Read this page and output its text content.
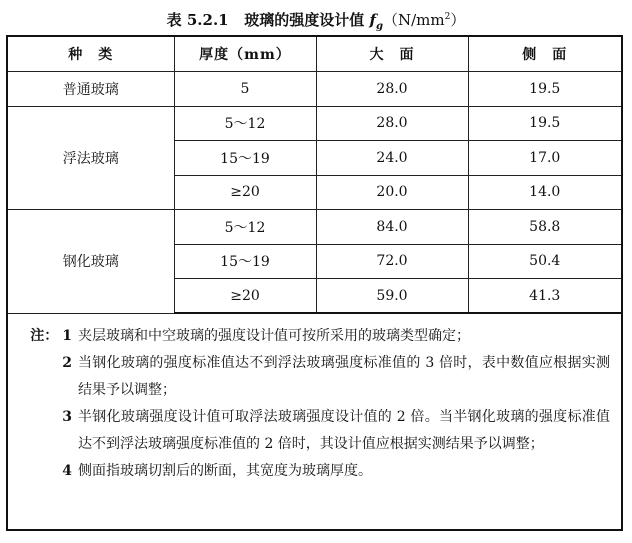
表 5.2.1 玻璃的强度设计值 $f_g(N/mm^2)$
种　类	厚度（mm）	大　面	侧　面
普通玻璃	5	28.0	19.5
浮法玻璃	5～12	28.0	19.5
	15～19	24.0	17.0
	≥20	20.0	14.0
钢化玻璃	5～12	84.0	58.8
	15～19	72.0	50.4
	≥20	59.0	41.3
注： 1 夹层玻璃和中空玻璃的强度设计值可按所采用的玻璃类型确定；
2 当钢化玻璃的强度标准值达不到浮法玻璃强度标准值的 3 倍时，表中数值应根据实测结果予以调整；
3 半钢化玻璃强度设计值可取浮法玻璃强度设计值的 2 倍。当半钢化玻璃的强度标准值达不到浮法玻璃强度标准值的 2 倍时，其设计值应根据实测结果予以调整；
4 侧面指玻璃切割后的断面，其宽度为玻璃厚度。
